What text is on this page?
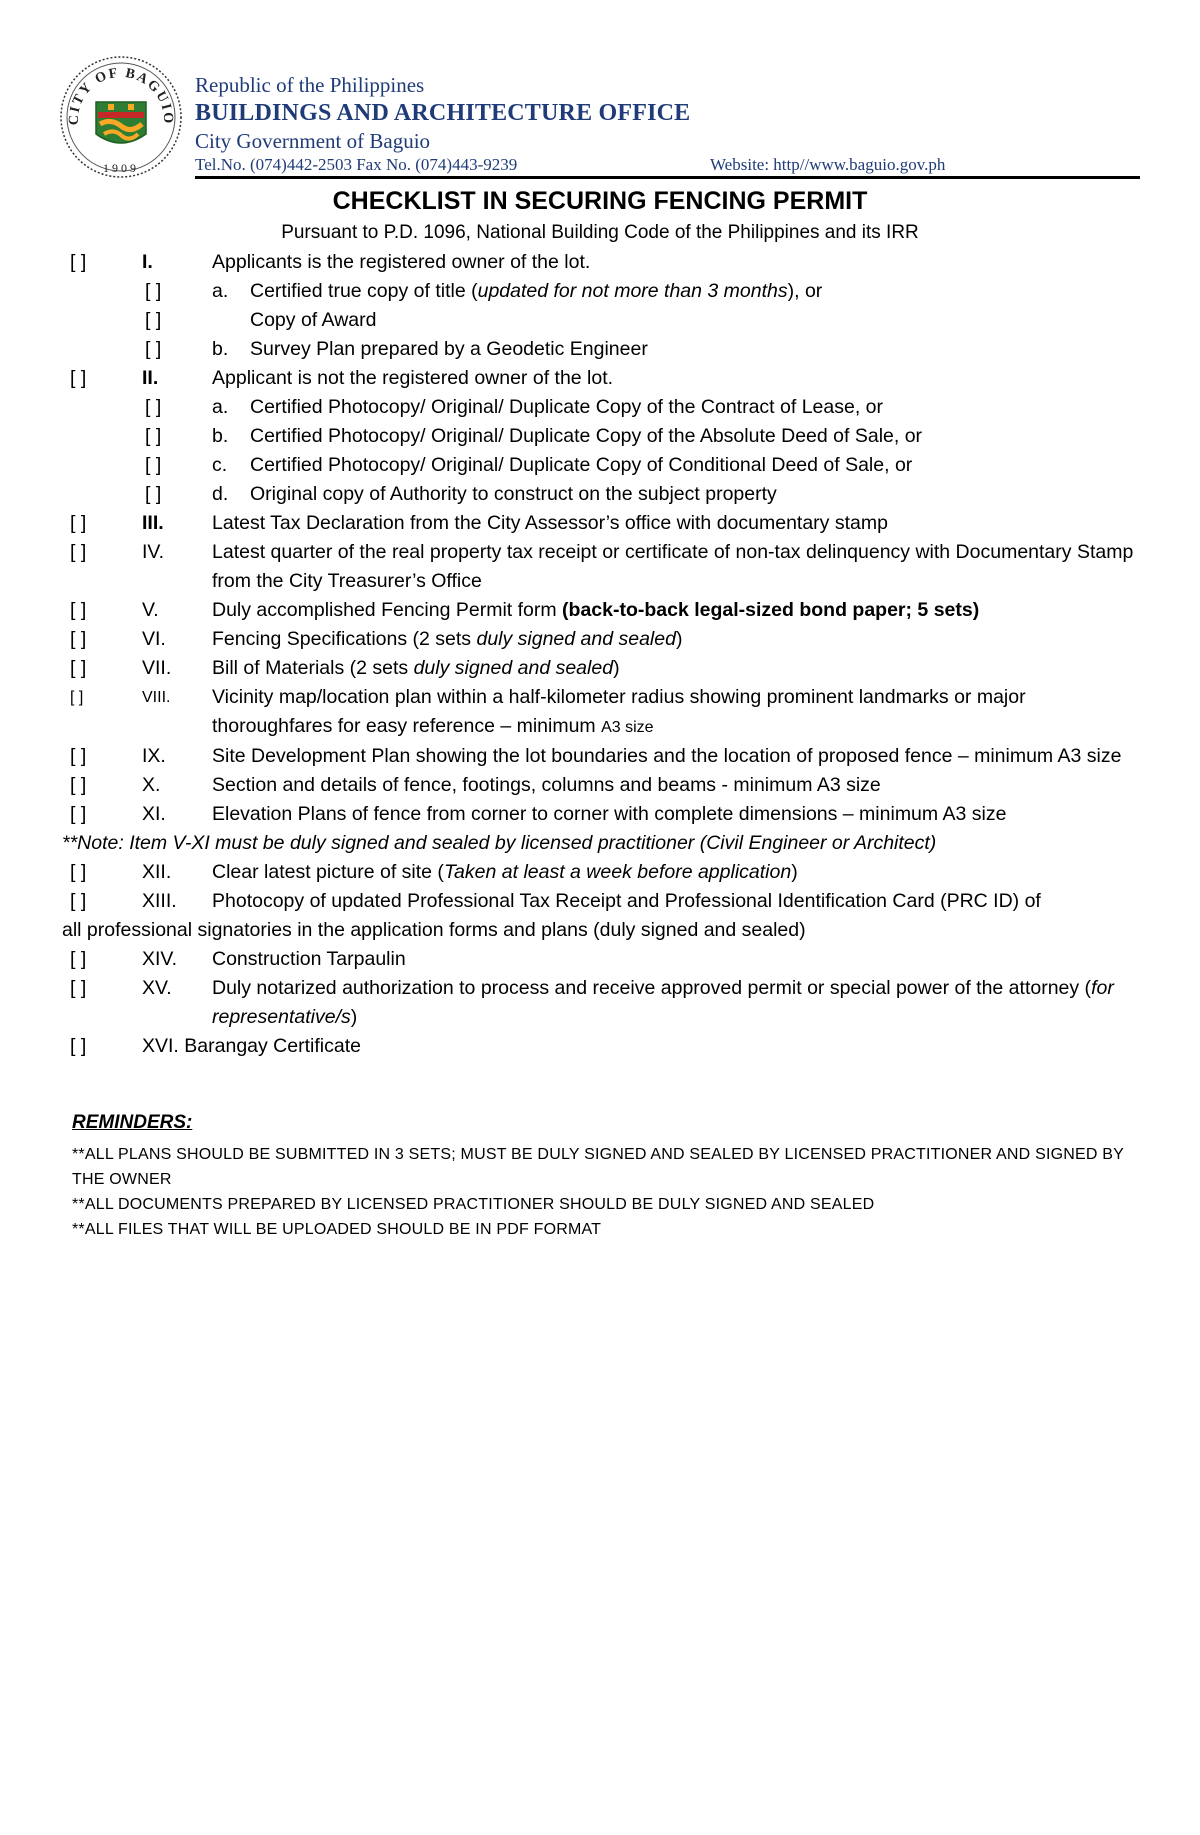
CITY OF BAGUIO
1909
Republic of the Philippines
BUILDINGS AND ARCHITECTURE OFFICE
City Government of Baguio
Tel.No. (074)442-2503 Fax No. (074)443-9239	Website: http//www.baguio.gov.ph
CHECKLIST IN SECURING FENCING PERMIT
Pursuant to P.D. 1096, National Building Code of the Philippines and its IRR
[ ]	I.	Applicants is the registered owner of the lot.
[ ]	a.	Certified true copy of title (updated for not more than 3 months), or
[ ]	Copy of Award
[ ]	b.	Survey Plan prepared by a Geodetic Engineer
[ ]	II.	Applicant is not the registered owner of the lot.
[ ]	a.	Certified Photocopy/ Original/ Duplicate Copy of the Contract of Lease, or
[ ]	b.	Certified Photocopy/ Original/ Duplicate Copy of the Absolute Deed of Sale, or
[ ]	c.	Certified Photocopy/ Original/ Duplicate Copy of Conditional Deed of Sale, or
[ ]	d.	Original copy of Authority to construct on the subject property
[ ]	III.	Latest Tax Declaration from the City Assessor’s office with documentary stamp
[ ]	IV.	Latest quarter of the real property tax receipt or certificate of non-tax delinquency with Documentary Stamp from the City Treasurer’s Office
[ ]	V.	Duly accomplished Fencing Permit form (back-to-back legal-sized bond paper; 5 sets)
[ ]	VI.	Fencing Specifications (2 sets duly signed and sealed)
[ ]	VII.	Bill of Materials (2 sets duly signed and sealed)
[ ]	VIII.	Vicinity map/location plan within a half-kilometer radius showing prominent landmarks or major thoroughfares for easy reference – minimum A3 size
[ ]	IX.	Site Development Plan showing the lot boundaries and the location of proposed fence – minimum A3 size
[ ]	X.	Section and details of fence, footings, columns and beams - minimum A3 size
[ ]	XI.	Elevation Plans of fence from corner to corner with complete dimensions – minimum A3 size
**Note: Item V-XI must be duly signed and sealed by licensed practitioner (Civil Engineer or Architect)
[ ]	XII.	Clear latest picture of site (Taken at least a week before application)
[ ]	XIII.	Photocopy of updated Professional Tax Receipt and Professional Identification Card (PRC ID) of
all professional signatories in the application forms and plans (duly signed and sealed)
[ ]	XIV.	Construction Tarpaulin
[ ]	XV.	Duly notarized authorization to process and receive approved permit or special power of the attorney (for representative/s)
[ ]	XVI. Barangay Certificate
REMINDERS:
**ALL PLANS SHOULD BE SUBMITTED IN 3 SETS; MUST BE DULY SIGNED AND SEALED BY LICENSED PRACTITIONER AND SIGNED BY THE OWNER
**ALL DOCUMENTS PREPARED BY LICENSED PRACTITIONER SHOULD BE DULY SIGNED AND SEALED
**ALL FILES THAT WILL BE UPLOADED SHOULD BE IN PDF FORMAT
